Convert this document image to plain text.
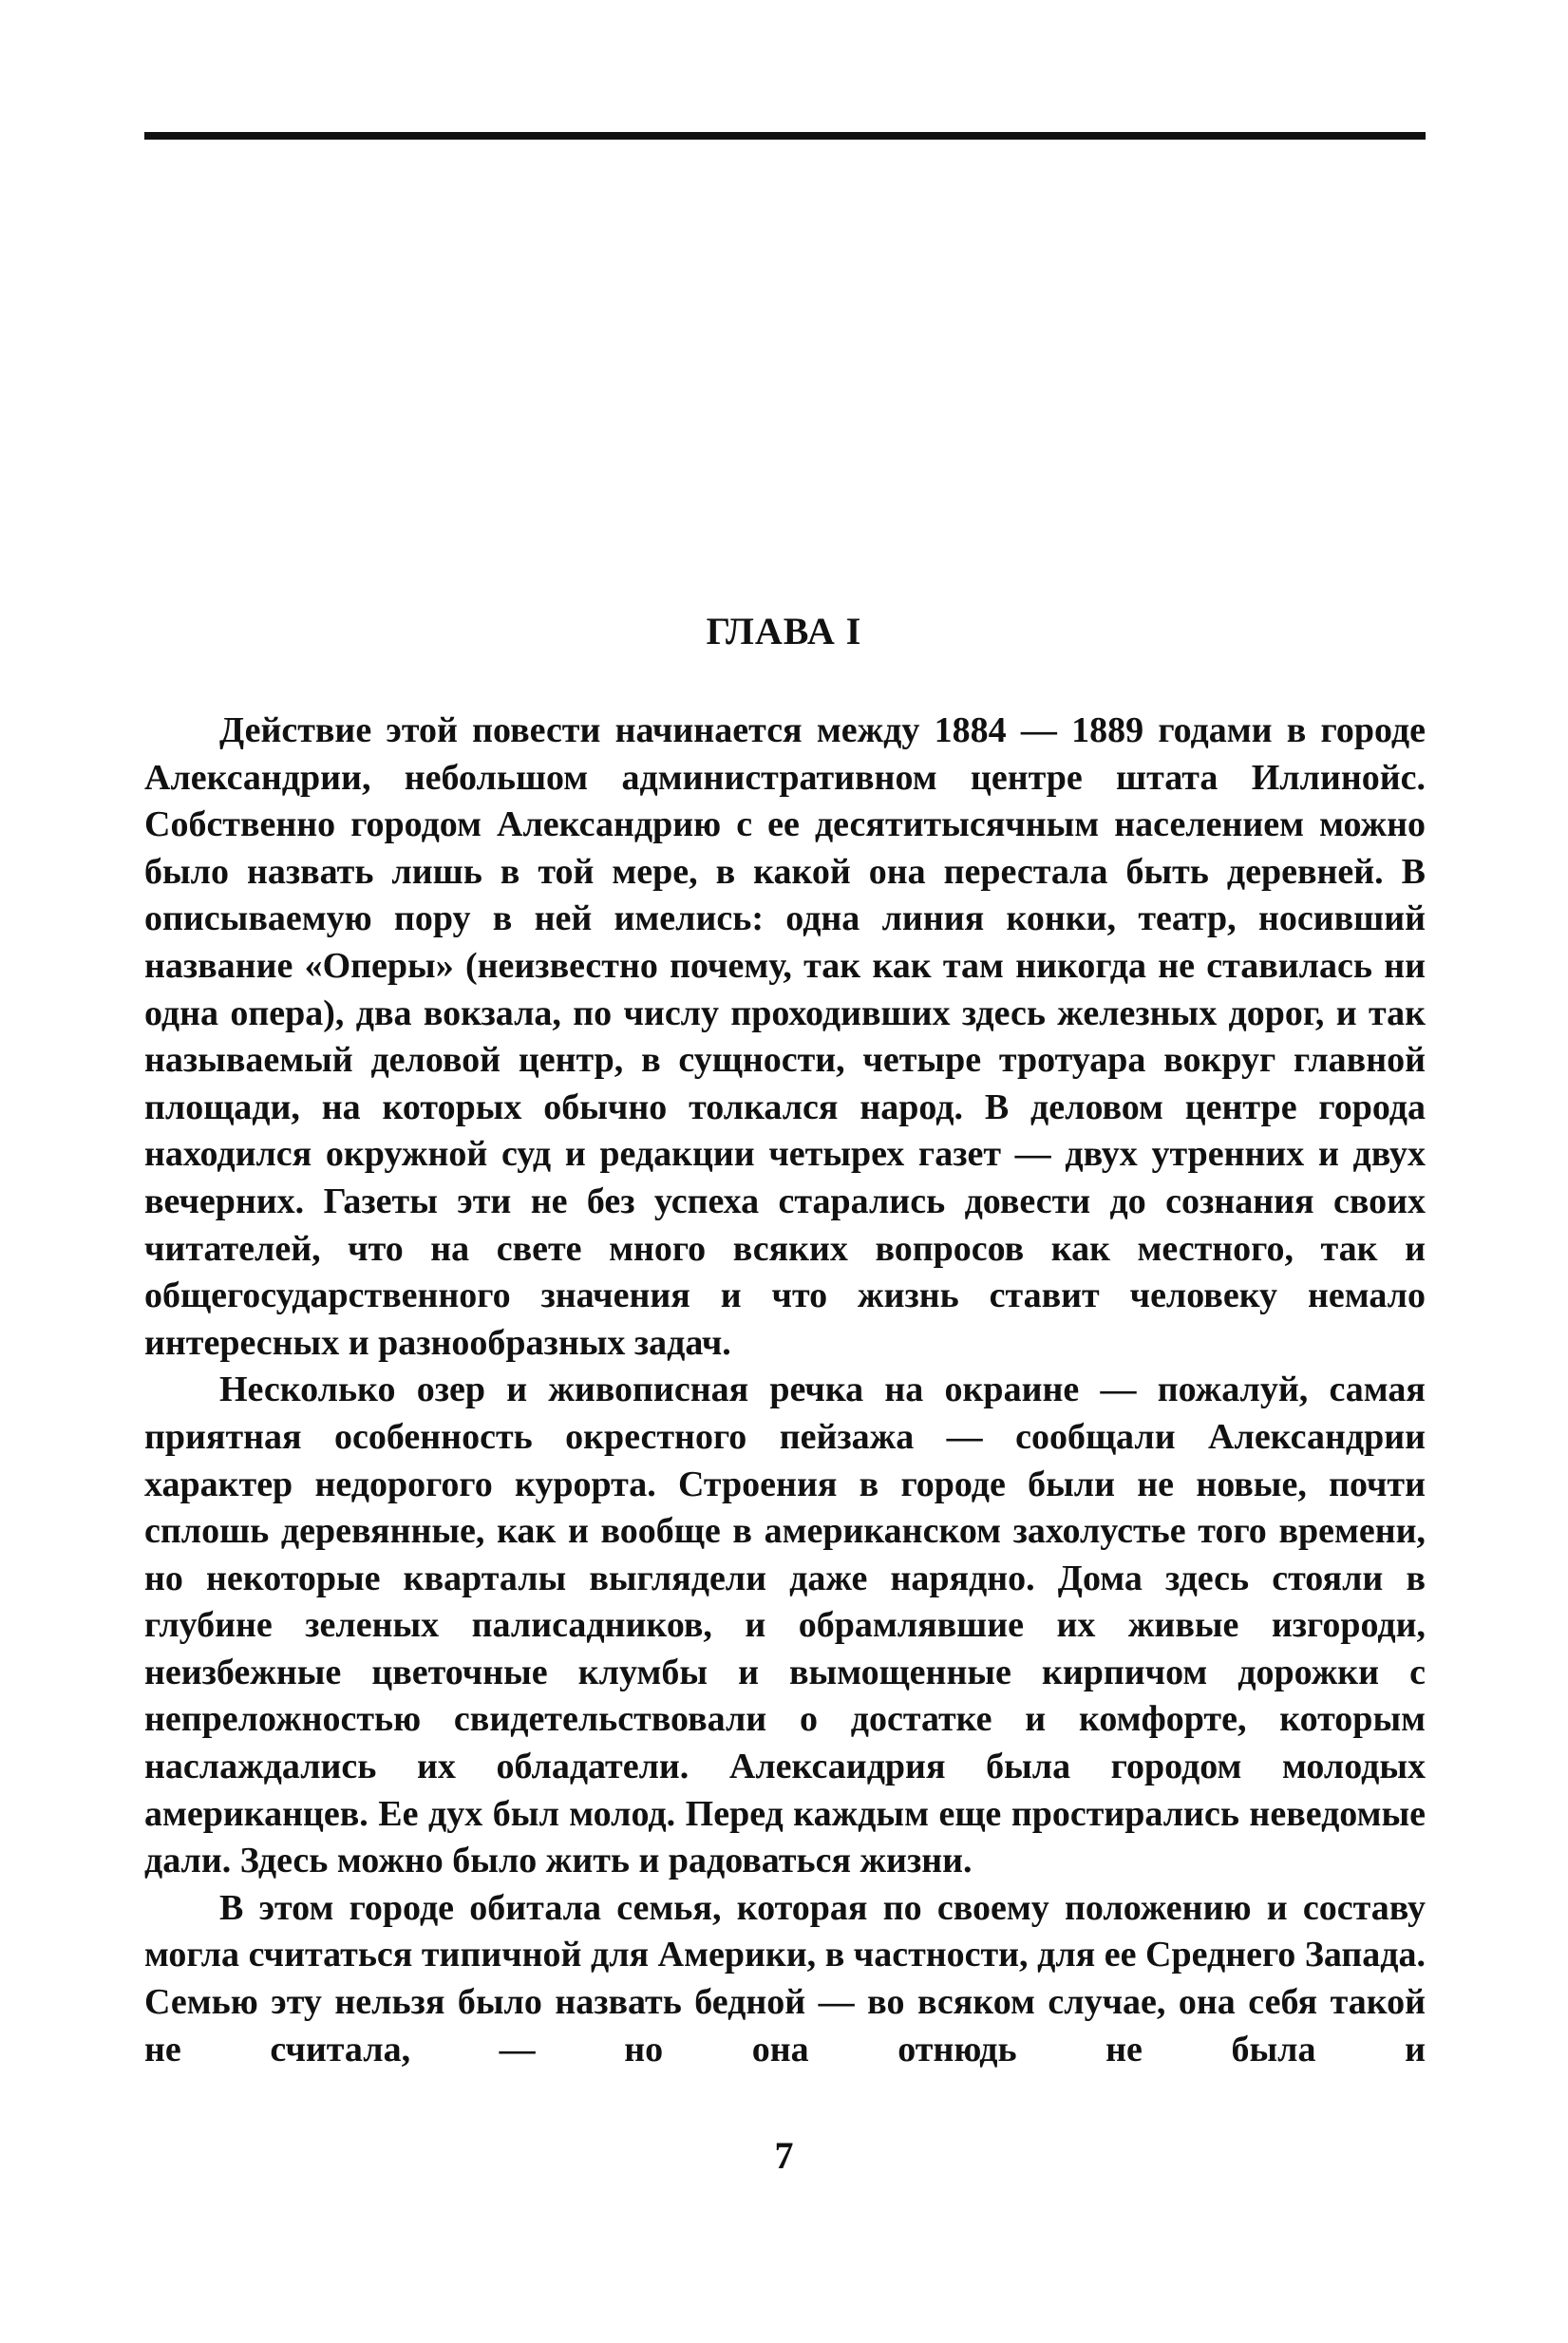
ГЛАВА I

Действие этой повести начинается между 1884 — 1889 годами в городе Александрии, небольшом административном центре штата Иллинойс. Собственно городом Александрию с ее десятитысячным населением можно было назвать лишь в той мере, в какой она перестала быть деревней. В описываемую пору в ней имелись: одна линия конки, театр, носивший название «Оперы» (неизвестно почему, так как там никогда не ставилась ни одна опера), два вокзала, по числу проходивших здесь железных дорог, и так называемый деловой центр, в сущности, четыре тротуара вокруг главной площади, на которых обычно толкался народ. В деловом центре города находился окружной суд и редакции четырех газет — двух утренних и двух вечерних. Газеты эти не без успеха старались довести до сознания своих читателей, что на свете много всяких вопросов как местного, так и общегосударственного значения и что жизнь ставит человеку немало интересных и разнообразных задач.

Несколько озер и живописная речка на окраине — пожалуй, самая приятная особенность окрестного пейзажа — сообщали Александрии характер недорогого курорта. Строения в городе были не новые, почти сплошь деревянные, как и вообще в американском захолустье того времени, но некоторые кварталы выглядели даже нарядно. Дома здесь стояли в глубине зеленых палисадников, и обрамлявшие их живые изгороди, неизбежные цветочные клумбы и вымощенные кирпичом дорожки с непреложностью свидетельствовали о достатке и комфорте, которым наслаждались их обладатели. Алексаидрия была городом молодых американцев. Ее дух был молод. Перед каждым еще простирались неведомые дали. Здесь можно было жить и радоваться жизни.

В этом городе обитала семья, которая по своему положению и составу могла считаться типичной для Америки, в частности, для ее Среднего Запада. Семью эту нельзя было назвать бедной — во всяком случае, она себя такой не считала, — но она отнюдь не была и

7
